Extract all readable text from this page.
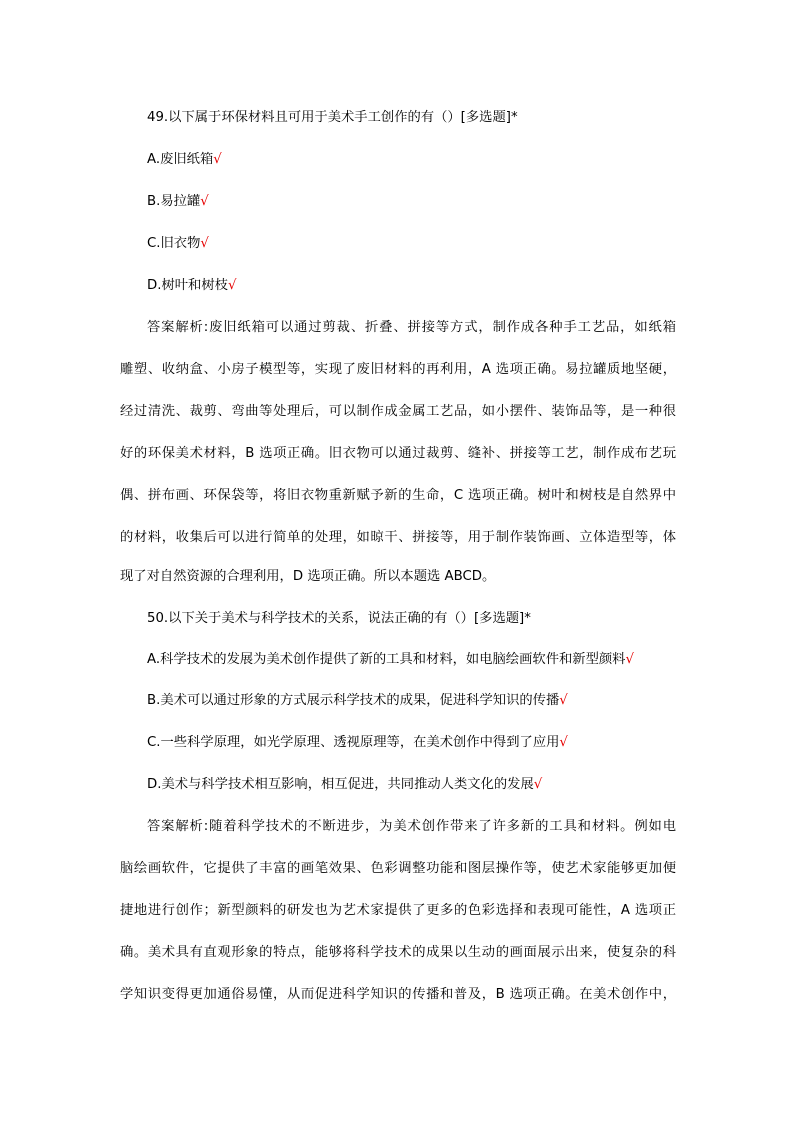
49.以下属于环保材料且可用于美术手工创作的有（）[多选题]*
A.废旧纸箱√
B.易拉罐√
C.旧衣物√
D.树叶和树枝√
答案解析:废旧纸箱可以通过剪裁、折叠、拼接等方式，制作成各种手工艺品，如纸箱
雕塑、收纳盒、小房子模型等，实现了废旧材料的再利用，A 选项正确。易拉罐质地坚硬，
经过清洗、裁剪、弯曲等处理后，可以制作成金属工艺品，如小摆件、装饰品等，是一种很
好的环保美术材料，B 选项正确。旧衣物可以通过裁剪、缝补、拼接等工艺，制作成布艺玩
偶、拼布画、环保袋等，将旧衣物重新赋予新的生命，C 选项正确。树叶和树枝是自然界中
的材料，收集后可以进行简单的处理，如晾干、拼接等，用于制作装饰画、立体造型等，体
现了对自然资源的合理利用，D 选项正确。所以本题选 ABCD。
50.以下关于美术与科学技术的关系，说法正确的有（）[多选题]*
A.科学技术的发展为美术创作提供了新的工具和材料，如电脑绘画软件和新型颜料√
B.美术可以通过形象的方式展示科学技术的成果，促进科学知识的传播√
C.一些科学原理，如光学原理、透视原理等，在美术创作中得到了应用√
D.美术与科学技术相互影响，相互促进，共同推动人类文化的发展√
答案解析:随着科学技术的不断进步，为美术创作带来了许多新的工具和材料。例如电
脑绘画软件，它提供了丰富的画笔效果、色彩调整功能和图层操作等，使艺术家能够更加便
捷地进行创作；新型颜料的研发也为艺术家提供了更多的色彩选择和表现可能性，A 选项正
确。美术具有直观形象的特点，能够将科学技术的成果以生动的画面展示出来，使复杂的科
学知识变得更加通俗易懂，从而促进科学知识的传播和普及，B 选项正确。在美术创作中，
